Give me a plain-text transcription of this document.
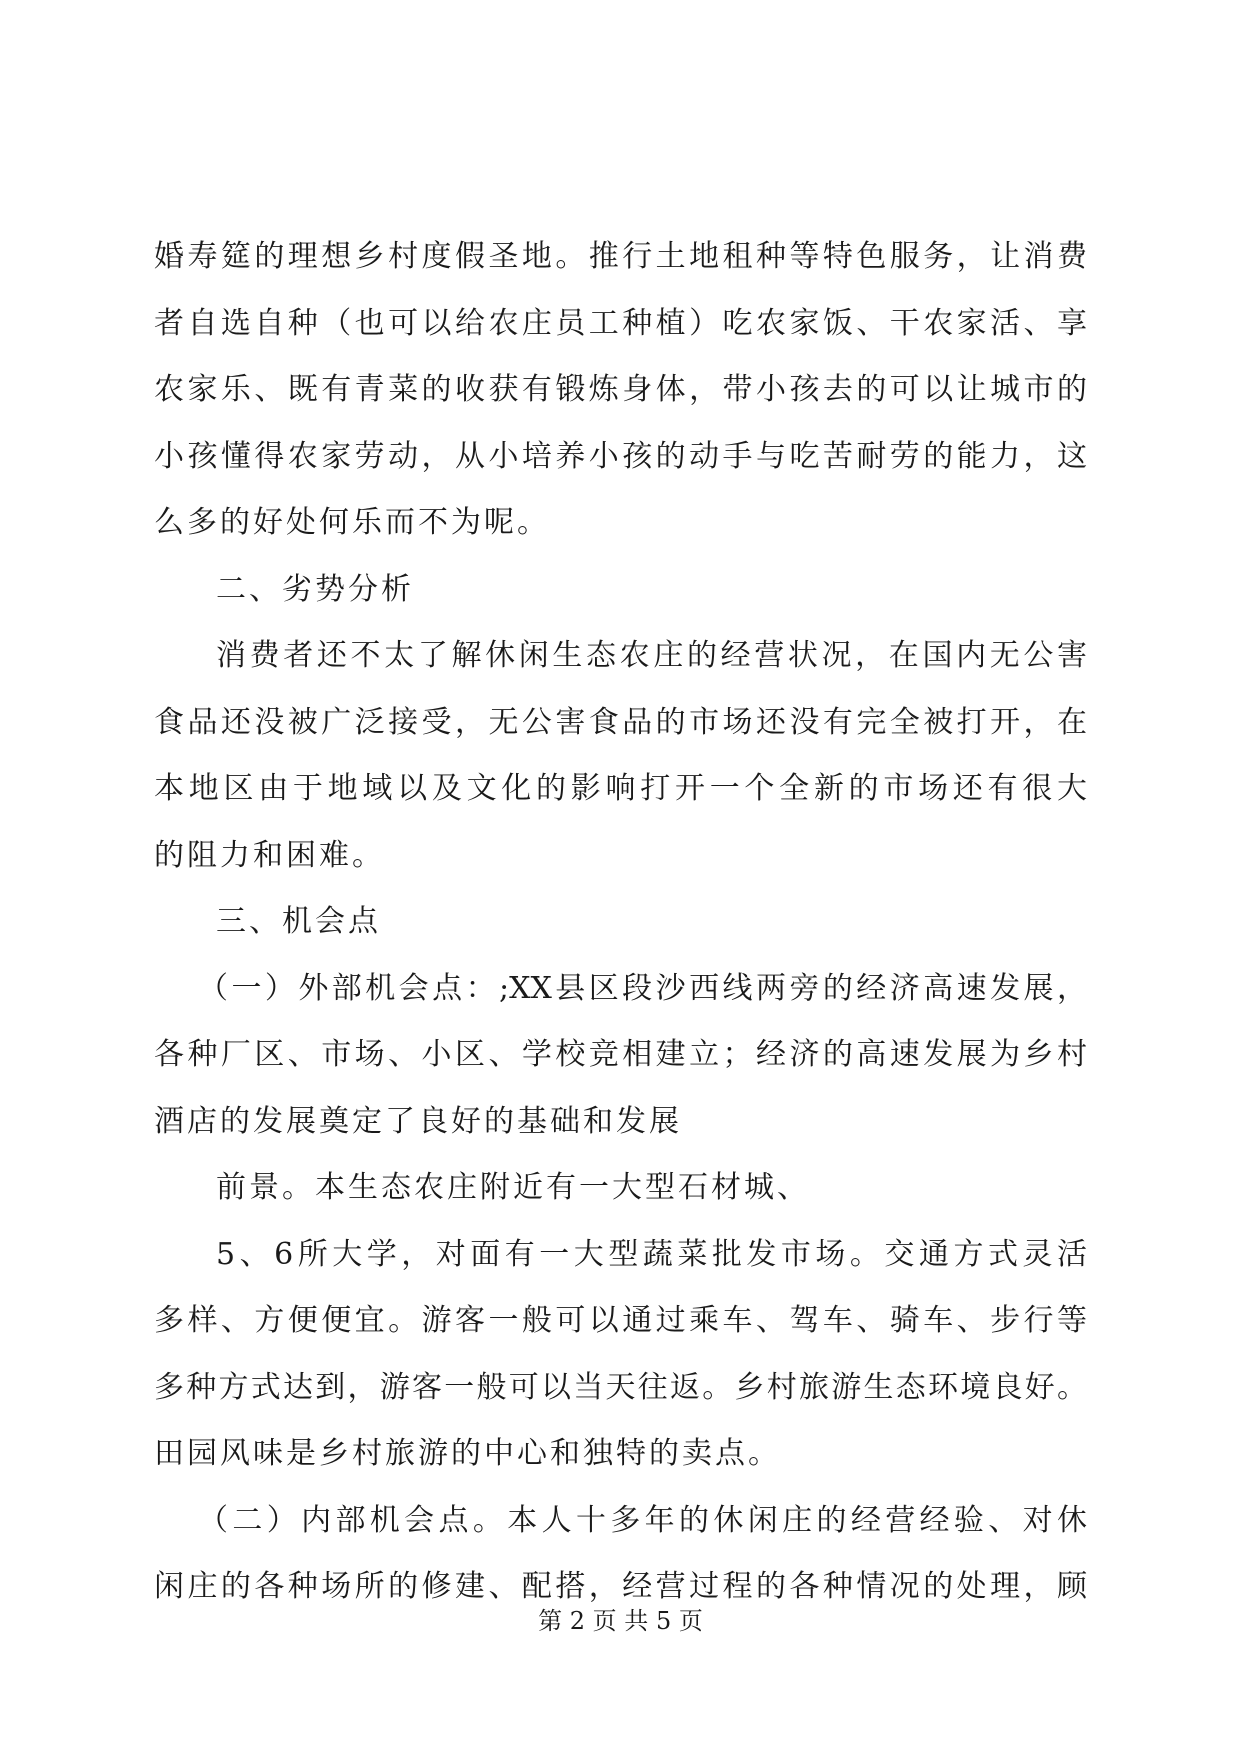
婚寿筵的理想乡村度假圣地。推行土地租种等特色服务，让消费
者自选自种（也可以给农庄员工种植）吃农家饭、干农家活、享
农家乐、既有青菜的收获有锻炼身体，带小孩去的可以让城市的
小孩懂得农家劳动，从小培养小孩的动手与吃苦耐劳的能力，这
么多的好处何乐而不为呢。
二、劣势分析
消费者还不太了解休闲生态农庄的经营状况，在国内无公害
食品还没被广泛接受，无公害食品的市场还没有完全被打开，在
本地区由于地域以及文化的影响打开一个全新的市场还有很大
的阻力和困难。
三、机会点
（一）外部机会点：;XX县区段沙西线两旁的经济高速发展，
各种厂区、市场、小区、学校竞相建立；经济的高速发展为乡村
酒店的发展奠定了良好的基础和发展
前景。本生态农庄附近有一大型石材城、
5、6所大学，对面有一大型蔬菜批发市场。交通方式灵活
多样、方便便宜。游客一般可以通过乘车、驾车、骑车、步行等
多种方式达到，游客一般可以当天往返。乡村旅游生态环境良好。
田园风味是乡村旅游的中心和独特的卖点。
（二）内部机会点。本人十多年的休闲庄的经营经验、对休
闲庄的各种场所的修建、配搭，经营过程的各种情况的处理，顾
第 2 页 共 5 页
